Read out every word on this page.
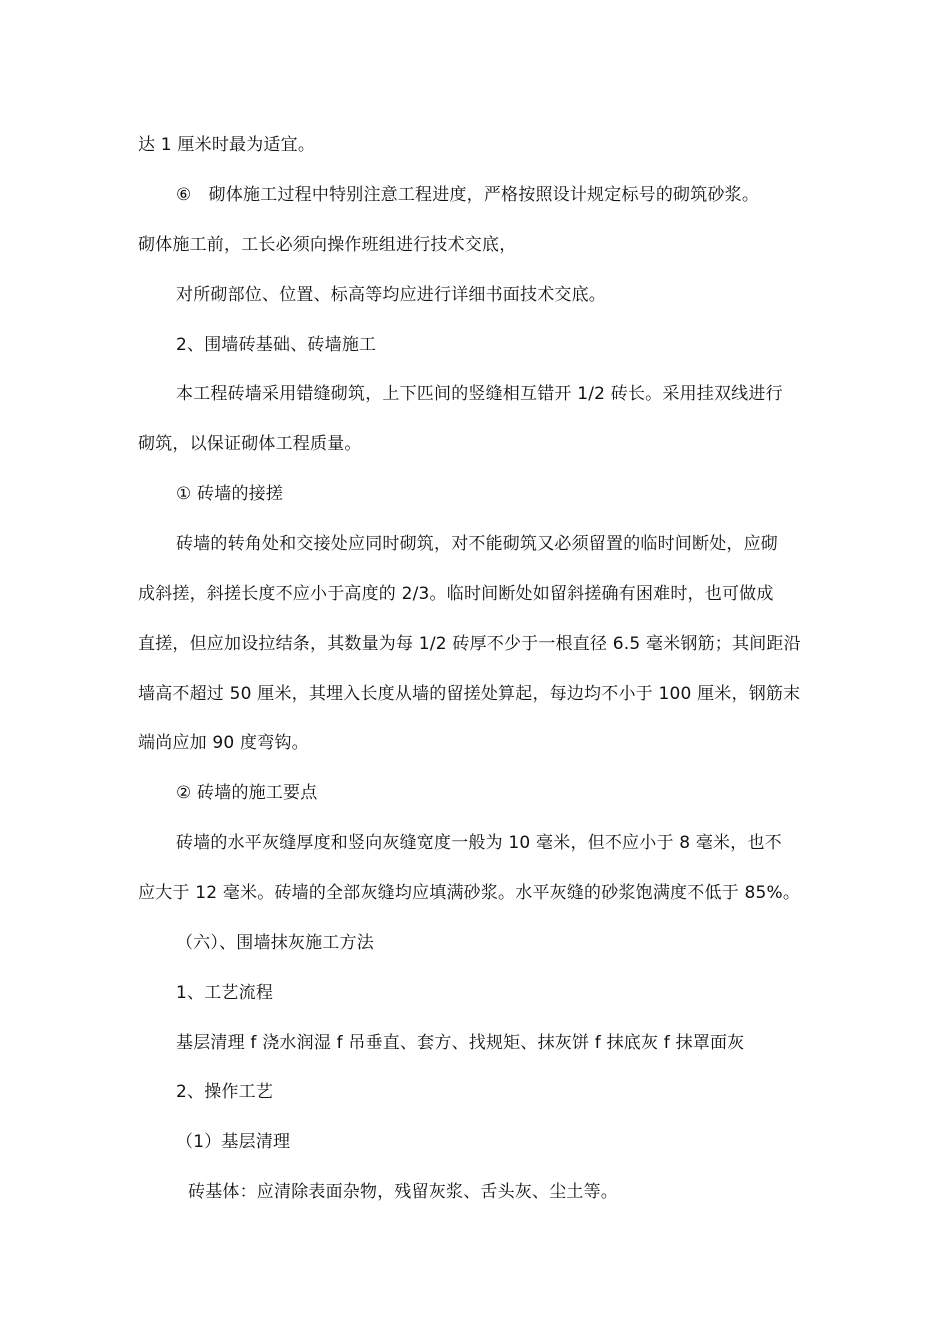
达 1 厘米时最为适宜。
⑥　砌体施工过程中特别注意工程进度，严格按照设计规定标号的砌筑砂浆。
砌体施工前，工长必须向操作班组进行技术交底，
对所砌部位、位置、标高等均应进行详细书面技术交底。
2、围墙砖基础、砖墙施工
本工程砖墙采用错缝砌筑，上下匹间的竖缝相互错开 1/2 砖长。采用挂双线进行
砌筑，以保证砌体工程质量。
① 砖墙的接搓
砖墙的转角处和交接处应同时砌筑，对不能砌筑又必须留置的临时间断处，应砌
成斜搓，斜搓长度不应小于高度的 2/3。临时间断处如留斜搓确有困难时，也可做成
直搓，但应加设拉结条，其数量为每 1/2 砖厚不少于一根直径 6.5 毫米钢筋；其间距沿
墙高不超过 50 厘米，其埋入长度从墙的留搓处算起，每边均不小于 100 厘米，钢筋末
端尚应加 90 度弯钩。
② 砖墙的施工要点
砖墙的水平灰缝厚度和竖向灰缝宽度一般为 10 毫米，但不应小于 8 毫米，也不
应大于 12 毫米。砖墙的全部灰缝均应填满砂浆。水平灰缝的砂浆饱满度不低于 85%。
（六）、围墙抹灰施工方法
1、工艺流程
基层清理 f 浇水润湿 f 吊垂直、套方、找规矩、抹灰饼 f 抹底灰 f 抹罩面灰
2、操作工艺
（1）基层清理
砖基体：应清除表面杂物，残留灰浆、舌头灰、尘土等。
